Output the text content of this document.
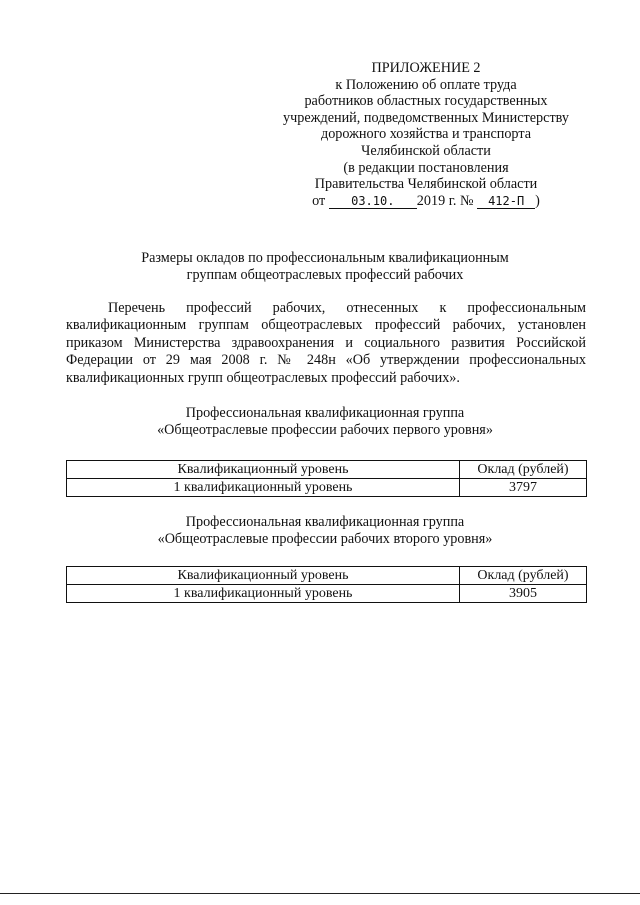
ПРИЛОЖЕНИЕ 2
к Положению об оплате труда
работников областных государственных
учреждений, подведомственных Министерству
дорожного хозяйства и транспорта
Челябинской области
(в редакции постановления
Правительства Челябинской области
от 03.10. 2019 г. № 412-П )
Размеры окладов по профессиональным квалификационным
группам общеотраслевых профессий рабочих

Перечень профессий рабочих, отнесенных к профессиональным квалификационным группам общеотраслевых профессий рабочих, установлен приказом Министерства здравоохранения и социального развития Российской Федерации от 29 мая 2008 г. № 248н «Об утверждении профессиональных квалификационных групп общеотраслевых профессий рабочих».

Профессиональная квалификационная группа
«Общеотраслевые профессии рабочих первого уровня»
Квалификационный уровень	Оклад (рублей)
1 квалификационный уровень	3797
Профессиональная квалификационная группа
«Общеотраслевые профессии рабочих второго уровня»
Квалификационный уровень	Оклад (рублей)
1 квалификационный уровень	3905
